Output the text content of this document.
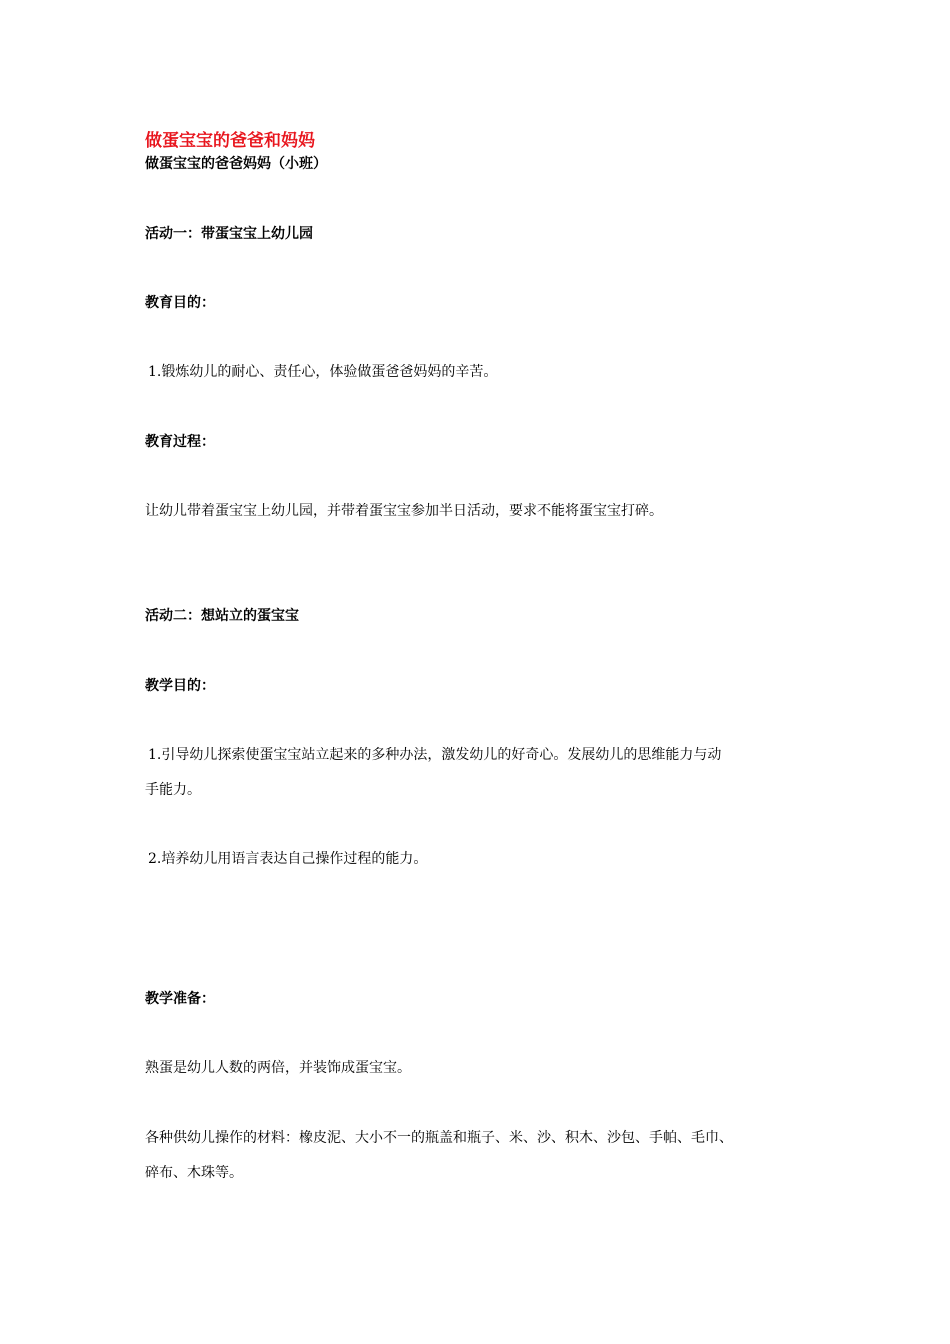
做蛋宝宝的爸爸和妈妈
做蛋宝宝的爸爸妈妈（小班）
活动一：带蛋宝宝上幼儿园
教育目的：
1.锻炼幼儿的耐心、责任心，体验做蛋爸爸妈妈的辛苦。
教育过程：
让幼儿带着蛋宝宝上幼儿园，并带着蛋宝宝参加半日活动，要求不能将蛋宝宝打碎。
活动二：想站立的蛋宝宝
教学目的：
1.引导幼儿探索使蛋宝宝站立起来的多种办法，激发幼儿的好奇心。发展幼儿的思维能力与动
手能力。
2.培养幼儿用语言表达自己操作过程的能力。
教学准备：
熟蛋是幼儿人数的两倍，并装饰成蛋宝宝。
各种供幼儿操作的材料：橡皮泥、大小不一的瓶盖和瓶子、米、沙、积木、沙包、手帕、毛巾、
碎布、木珠等。
